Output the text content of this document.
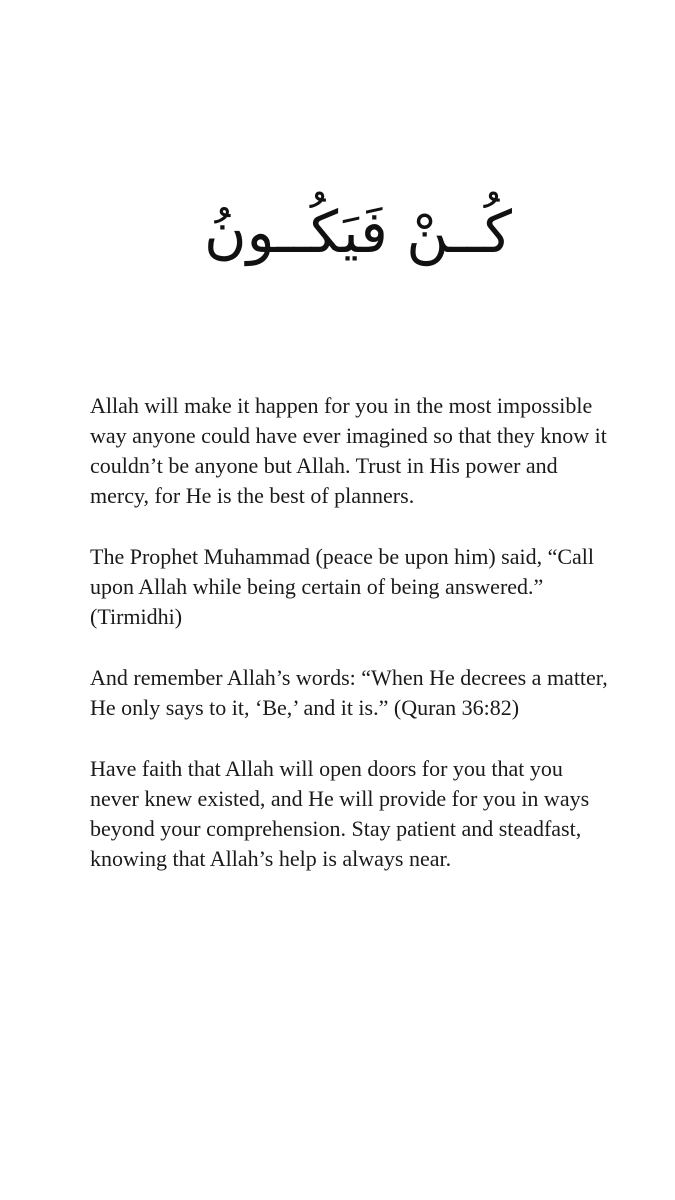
كُــنْ فَيَكُــونُ

Allah will make it happen for you in the most impossible way anyone could have ever imagined so that they know it couldn’t be anyone but Allah. Trust in His power and mercy, for He is the best of planners.

The Prophet Muhammad (peace be upon him) said, “Call upon Allah while being certain of being answered.” (Tirmidhi)

And remember Allah’s words: “When He decrees a matter, He only says to it, ‘Be,’ and it is.” (Quran 36:82)

Have faith that Allah will open doors for you that you never knew existed, and He will provide for you in ways beyond your comprehension. Stay patient and steadfast, knowing that Allah’s help is always near.
